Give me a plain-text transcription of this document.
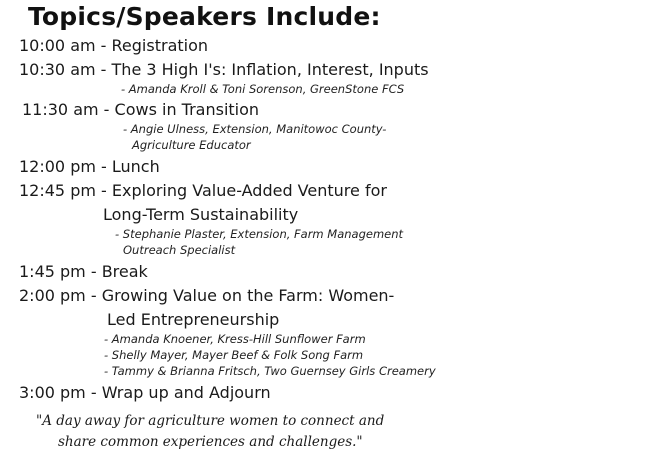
Topics/Speakers Include:
10:00 am - Registration
10:30 am - The 3 High I's: Inflation, Interest, Inputs
- Amanda Kroll & Toni Sorenson, GreenStone FCS
11:30 am - Cows in Transition
- Angie Ulness, Extension, Manitowoc County-
Agriculture Educator
12:00 pm - Lunch
12:45 pm - Exploring Value-Added Venture for
Long-Term Sustainability
- Stephanie Plaster, Extension, Farm Management
Outreach Specialist
1:45 pm - Break
2:00 pm - Growing Value on the Farm: Women-
Led Entrepreneurship
- Amanda Knoener, Kress-Hill Sunflower Farm
- Shelly Mayer, Mayer Beef & Folk Song Farm
- Tammy & Brianna Fritsch, Two Guernsey Girls Creamery
3:00 pm - Wrap up and Adjourn
"A day away for agriculture women to connect and
share common experiences and challenges."
